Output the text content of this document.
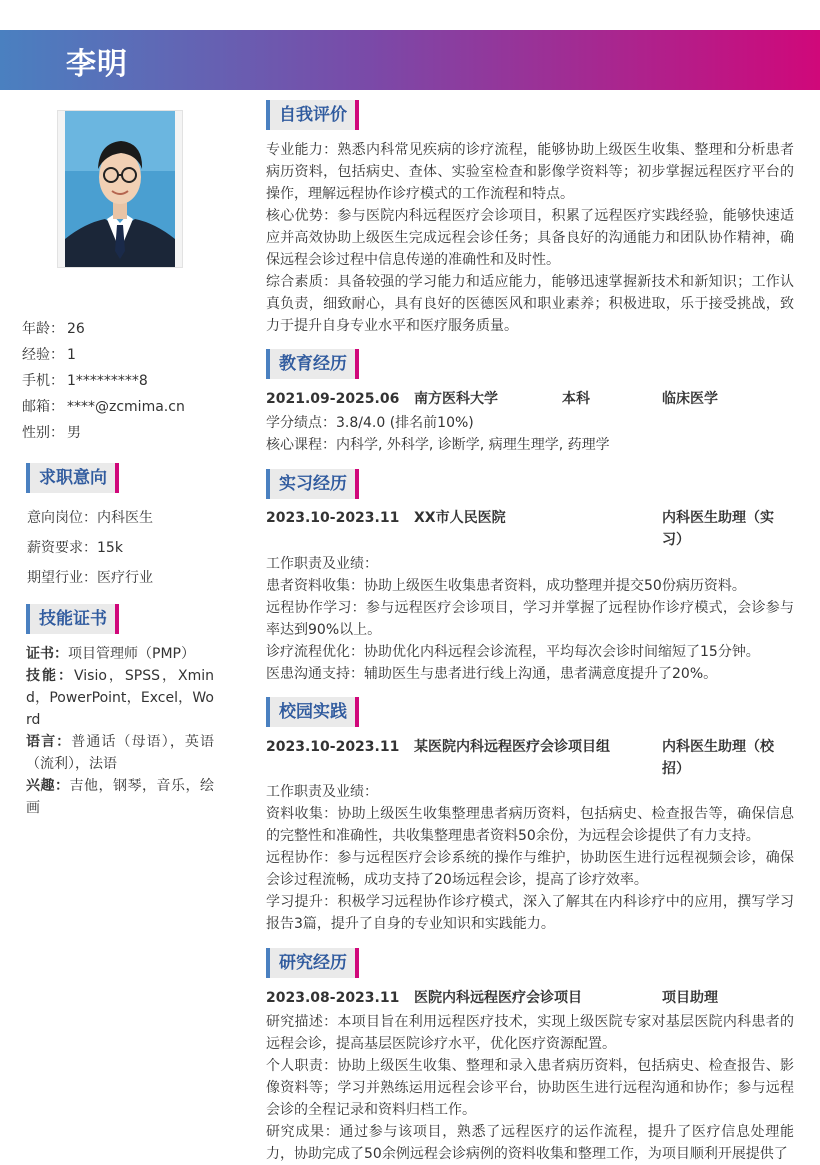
李明
年龄： 26
经验： 1
手机： 1*********8
邮箱： ****@zcmima.cn
性别： 男
求职意向
意向岗位：内科医生
薪资要求：15k
期望行业：医疗行业
技能证书

证书：项目管理师（PMP）

技能：Visio，SPSS，Xmind，PowerPoint，Excel，Word

语言：普通话（母语），英语（流利），法语

兴趣：吉他，钢琴，音乐，绘画

自我评价

专业能力：熟悉内科常见疾病的诊疗流程，能够协助上级医生收集、整理和分析患者病历资料，包括病史、查体、实验室检查和影像学资料等；初步掌握远程医疗平台的操作，理解远程协作诊疗模式的工作流程和特点。

核心优势：参与医院内科远程医疗会诊项目，积累了远程医疗实践经验，能够快速适应并高效协助上级医生完成远程会诊任务；具备良好的沟通能力和团队协作精神，确保远程会诊过程中信息传递的准确性和及时性。

综合素质：具备较强的学习能力和适应能力，能够迅速掌握新技术和新知识；工作认真负责，细致耐心，具有良好的医德医风和职业素养；积极进取，乐于接受挑战，致力于提升自身专业水平和医疗服务质量。

教育经历
2021.09-2025.06 南方医科大学	本科	临床医学
学分绩点：3.8/4.0 (排名前10%)
核心课程：内科学, 外科学, 诊断学, 病理生理学, 药理学
实习经历
2023.10-2023.11 XX市人民医院	内科医生助理（实习）
工作职责及业绩：
患者资料收集：协助上级医生收集患者资料，成功整理并提交50份病历资料。

远程协作学习：参与远程医疗会诊项目，学习并掌握了远程协作诊疗模式，会诊参与率达到90%以上。

诊疗流程优化：协助优化内科远程会诊流程，平均每次会诊时间缩短了15分钟。
医患沟通支持：辅助医生与患者进行线上沟通，患者满意度提升了20%。
校园实践
2023.10-2023.11 某医院内科远程医疗会诊项目组	内科医生助理（校招）
工作职责及业绩：

资料收集：协助上级医生收集整理患者病历资料，包括病史、检查报告等，确保信息的完整性和准确性，共收集整理患者资料50余份，为远程会诊提供了有力支持。

远程协作：参与远程医疗会诊系统的操作与维护，协助医生进行远程视频会诊，确保会诊过程流畅，成功支持了20场远程会诊，提高了诊疗效率。

学习提升：积极学习远程协作诊疗模式，深入了解其在内科诊疗中的应用，撰写学习报告3篇，提升了自身的专业知识和实践能力。

研究经历
2023.08-2023.11 医院内科远程医疗会诊项目	项目助理

研究描述：本项目旨在利用远程医疗技术，实现上级医院专家对基层医院内科患者的远程会诊，提高基层医院诊疗水平，优化医疗资源配置。

个人职责：协助上级医生收集、整理和录入患者病历资料，包括病史、检查报告、影像资料等；学习并熟练运用远程会诊平台，协助医生进行远程沟通和协作；参与远程会诊的全程记录和资料归档工作。

研究成果：通过参与该项目，熟悉了远程医疗的运作流程，提升了医疗信息处理能力，协助完成了50余例远程会诊病例的资料收集和整理工作，为项目顺利开展提供了
